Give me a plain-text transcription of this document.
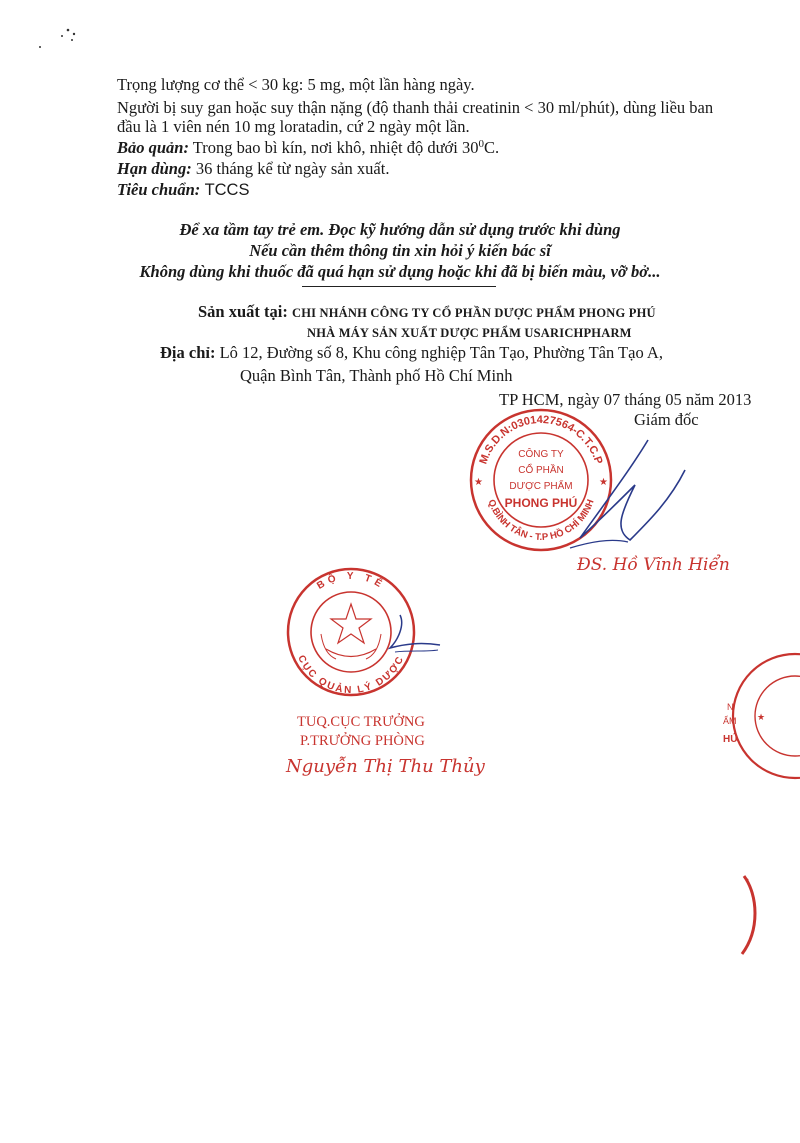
Trọng lượng cơ thể < 30 kg: 5 mg, một lần hàng ngày.
Người bị suy gan hoặc suy thận nặng (độ thanh thải creatinin < 30 ml/phút), dùng liều ban
đầu là 1 viên nén 10 mg loratadin, cứ 2 ngày một lần.
Bảo quản: Trong bao bì kín, nơi khô, nhiệt độ dưới $30^0C$.
Hạn dùng: 36 tháng kể từ ngày sản xuất.
Tiêu chuẩn: TCCS
Để xa tầm tay trẻ em. Đọc kỹ hướng dẫn sử dụng trước khi dùng
Nếu cần thêm thông tin xin hỏi ý kiến bác sĩ
Không dùng khi thuốc đã quá hạn sử dụng hoặc khi đã bị biến màu, vỡ bở...
Sản xuất tại: CHI NHÁNH CÔNG TY CỔ PHẦN DƯỢC PHẨM PHONG PHÚ
NHÀ MÁY SẢN XUẤT DƯỢC PHẨM USARICHPHARM
Địa chỉ: Lô 12, Đường số 8, Khu công nghiệp Tân Tạo, Phường Tân Tạo A,
Quận Bình Tân, Thành phố Hồ Chí Minh
TP HCM, ngày 07 tháng 05 năm 2013
Giám đốc
M.S.D.N:0301427564-C.T.C.P
Q.BÌNH TÂN - T.P HỒ CHÍ MINH
★	★
CÔNG TY
CỔ PHẦN
DƯỢC PHẨM
PHONG PHÚ
ĐS. Hồ Vĩnh Hiển
BỘ Y TẾ
CỤC QUẢN LÝ DƯỢC
TUQ.CỤC TRƯỞNG
P.TRƯỞNG PHÒNG
Nguyễn Thị Thu Thủy
N
ẨM
HÚ
★
